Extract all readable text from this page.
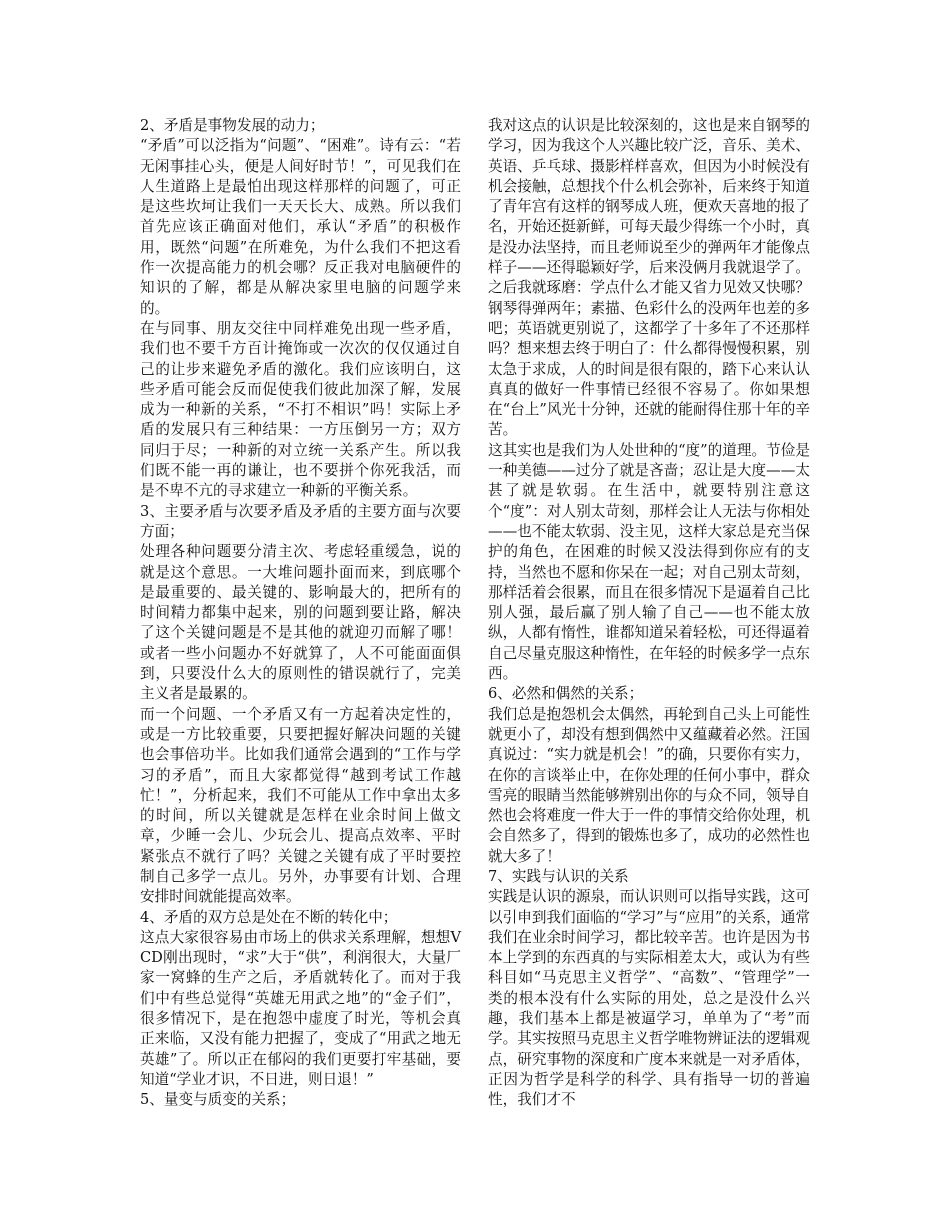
2、矛盾是事物发展的动力；

“矛盾”可以泛指为“问题”、“困难”。诗有云：“若无闲事挂心头，便是人间好时节！”，可见我们在人生道路上是最怕出现这样那样的问题了，可正是这些坎坷让我们一天天长大、成熟。所以我们首先应该正确面对他们，承认“矛盾”的积极作用，既然“问题”在所难免，为什么我们不把这看作一次提高能力的机会哪？反正我对电脑硬件的知识的了解，都是从解决家里电脑的问题学来的。

在与同事、朋友交往中同样难免出现一些矛盾，我们也不要千方百计掩饰或一次次的仅仅通过自己的让步来避免矛盾的激化。我们应该明白，这些矛盾可能会反而促使我们彼此加深了解，发展成为一种新的关系，“不打不相识”吗！实际上矛盾的发展只有三种结果：一方压倒另一方；双方同归于尽；一种新的对立统一关系产生。所以我们既不能一再的谦让，也不要拼个你死我活，而是不卑不亢的寻求建立一种新的平衡关系。

3、主要矛盾与次要矛盾及矛盾的主要方面与次要方面；

处理各种问题要分清主次、考虑轻重缓急，说的就是这个意思。一大堆问题扑面而来，到底哪个是最重要的、最关键的、影响最大的，把所有的时间精力都集中起来，别的问题到要让路，解决了这个关键问题是不是其他的就迎刃而解了哪！或者一些小问题办不好就算了，人不可能面面俱到，只要没什么大的原则性的错误就行了，完美主义者是最累的。

而一个问题、一个矛盾又有一方起着决定性的，或是一方比较重要，只要把握好解决问题的关键也会事倍功半。比如我们通常会遇到的“工作与学习的矛盾”，而且大家都觉得“越到考试工作越忙！”，分析起来，我们不可能从工作中拿出太多的时间，所以关键就是怎样在业余时间上做文章，少睡一会儿、少玩会儿、提高点效率、平时紧张点不就行了吗？关键之关键有成了平时要控制自己多学一点儿。另外，办事要有计划、合理安排时间就能提高效率。

4、矛盾的双方总是处在不断的转化中；

这点大家很容易由市场上的供求关系理解，想想VCD刚出现时，“求”大于“供”，利润很大，大量厂家一窝蜂的生产之后，矛盾就转化了。而对于我们中有些总觉得“英雄无用武之地”的“金子们”，很多情况下，是在抱怨中虚度了时光，等机会真正来临，又没有能力把握了，变成了“用武之地无英雄”了。所以正在郁闷的我们更要打牢基础，要知道“学业才识，不日进，则日退！”

5、量变与质变的关系；

我对这点的认识是比较深刻的，这也是来自钢琴的学习，因为我这个人兴趣比较广泛，音乐、美术、英语、乒乓球、摄影样样喜欢，但因为小时候没有机会接触，总想找个什么机会弥补，后来终于知道了青年宫有这样的钢琴成人班，便欢天喜地的报了名，开始还挺新鲜，可每天最少得练一个小时，真是没办法坚持，而且老师说至少的弹两年才能像点样子——还得聪颖好学，后来没俩月我就退学了。之后我就琢磨：学点什么才能又省力见效又快哪？钢琴得弹两年；素描、色彩什么的没两年也差的多吧；英语就更别说了，这都学了十多年了不还那样吗？想来想去终于明白了：什么都得慢慢积累，别太急于求成，人的时间是很有限的，踏下心来认认真真的做好一件事情已经很不容易了。你如果想在“台上”风光十分钟，还就的能耐得住那十年的辛苦。

这其实也是我们为人处世种的“度”的道理。节俭是一种美德——过分了就是吝啬；忍让是大度——太甚了就是软弱。在生活中，就要特别注意这个“度”：对人别太苛刻，那样会让人无法与你相处——也不能太软弱、没主见，这样大家总是充当保护的角色，在困难的时候又没法得到你应有的支持，当然也不愿和你呆在一起；对自己别太苛刻，那样活着会很累，而且在很多情况下是逼着自己比别人强，最后赢了别人输了自己——也不能太放纵，人都有惰性，谁都知道呆着轻松，可还得逼着自己尽量克服这种惰性，在年轻的时候多学一点东西。

6、必然和偶然的关系；

我们总是抱怨机会太偶然，再轮到自己头上可能性就更小了，却没有想到偶然中又蕴藏着必然。汪国真说过：“实力就是机会！”的确，只要你有实力，在你的言谈举止中，在你处理的任何小事中，群众雪亮的眼睛当然能够辨别出你的与众不同，领导自然也会将难度一件大于一件的事情交给你处理，机会自然多了，得到的锻炼也多了，成功的必然性也就大多了！

7、实践与认识的关系

实践是认识的源泉，而认识则可以指导实践，这可以引申到我们面临的“学习”与“应用”的关系，通常我们在业余时间学习，都比较辛苦。也许是因为书本上学到的东西真的与实际相差太大，或认为有些科目如“马克思主义哲学”、“高数”、“管理学”一类的根本没有什么实际的用处，总之是没什么兴趣，我们基本上都是被逼学习，单单为了“考”而学。其实按照马克思主义哲学唯物辨证法的逻辑观点，研究事物的深度和广度本来就是一对矛盾体，正因为哲学是科学的科学、具有指导一切的普遍性，我们才不
